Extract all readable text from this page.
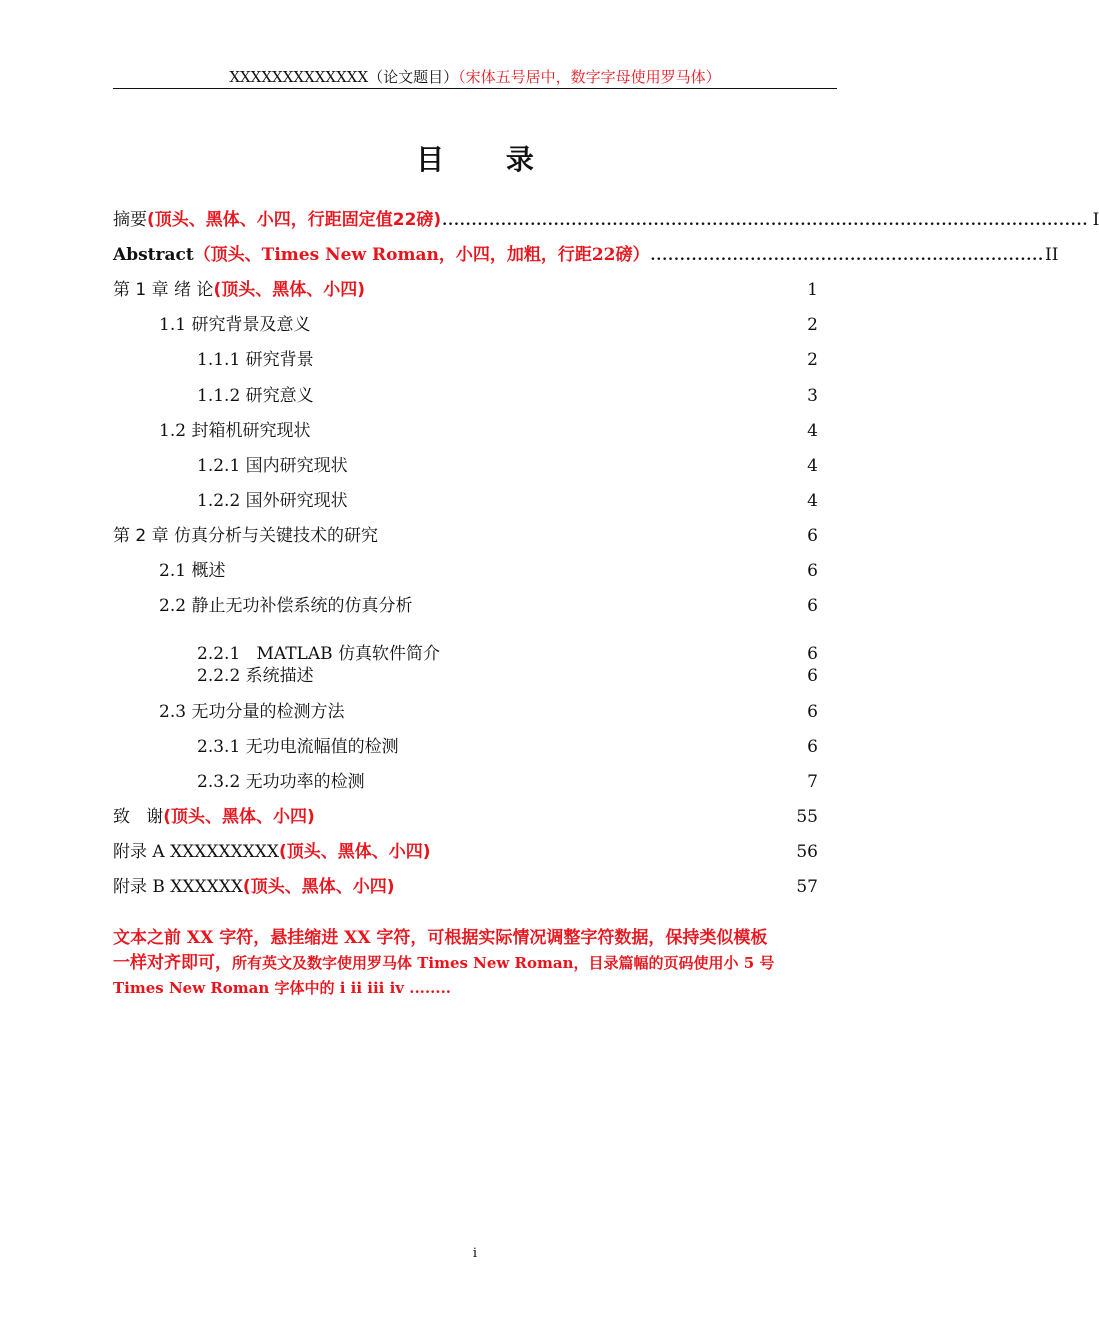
XXXXXXXXXXXXX（论文题目）（宋体五号居中，数字字母使用罗马体）
目 录
摘要(顶头、黑体、小四，行距固定值22磅) .............................................................................................................. I
Abstract（顶头、Times New Roman，小四，加粗，行距22磅） ................................................................... II
第 1 章 绪 论(顶头、黑体、小四)	1
1.1 研究背景及意义	2
1.1.1 研究背景	2
1.1.2 研究意义	3
1.2 封箱机研究现状	4
1.2.1 国内研究现状	4
1.2.2 国外研究现状	4
第 2 章 仿真分析与关键技术的研究	6
2.1 概述	6
2.2 静止无功补偿系统的仿真分析	6
2.2.1   MATLAB 仿真软件简介	6
2.2.2 系统描述	6
2.3 无功分量的检测方法	6
2.3.1 无功电流幅值的检测	6
2.3.2 无功功率的检测	7
致   谢(顶头、黑体、小四)	55
附录 A XXXXXXXXX(顶头、黑体、小四)	56
附录 B XXXXXX(顶头、黑体、小四)	57
文本之前 XX 字符，悬挂缩进 XX 字符，可根据实际情况调整字符数据，保持类似模板
一样对齐即可，所有英文及数字使用罗马体 Times New Roman，目录篇幅的页码使用小 5 号
Times New Roman 字体中的 i ii iii iv ........
i
